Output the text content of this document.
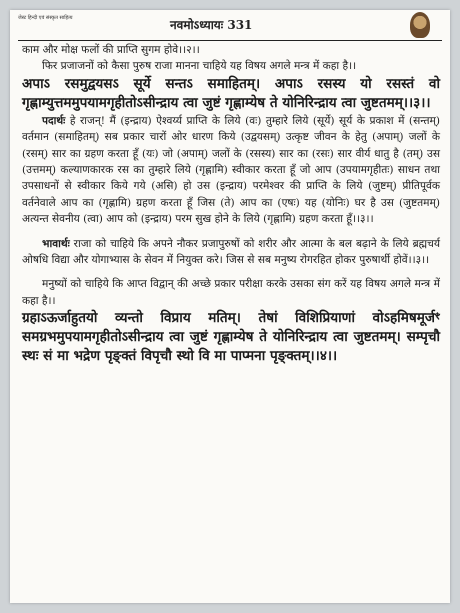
जेस्ट हिन्दी एवं संस्कृत साहित्य	नवमोऽध्यायः 331

काम और मोक्ष फलों की प्राप्ति सुगम होवे।।२।।

फिर प्रजाजनों को कैसा पुरुष राजा मानना चाहिये यह विषय अगले मन्त्र में कहा है।।

अपाऽ रसमुद्वयसऽ सूर्ये सन्तऽ समाहितम्। अपाऽ रसस्य यो रसस्तं वो गृह्णाम्युत्तममुपयामगृहीतोऽसीन्द्राय त्वा जुष्टं गृह्णाम्येष ते योनिरिन्द्राय त्वा जुष्टतमम्।।३।।

पदार्थः हे राजन्! मैं (इन्द्राय) ऐश्वर्य्य प्राप्ति के लिये (वः) तुम्हारे लिये (सूर्ये) सूर्य के प्रकाश में (सन्तम्) वर्तमान (समाहितम्) सब प्रकार चारों ओर धारण किये (उद्वयसम्) उत्कृष्ट जीवन के हेतु (अपाम्) जलों के (रसम्) सार का ग्रहण करता हूँ (यः) जो (अपाम्) जलों के (रसस्य) सार का (रसः) सार वीर्य धातु है (तम्) उस (उत्तमम्) कल्याणकारक रस का तुम्हारे लिये (गृह्णामि) स्वीकार करता हूँ जो आप (उपयामगृहीतः) साधन तथा उपसाधनों से स्वीकार किये गये (असि) हो उस (इन्द्राय) परमेश्वर की प्राप्ति के लिये (जुष्टम्) प्रीतिपूर्वक वर्तनेवाले आप का (गृह्णामि) ग्रहण करता हूँ जिस (ते) आप का (एषः) यह (योनिः) घर है उस (जुष्टतमम्) अत्यन्त सेवनीय (त्वा) आप को (इन्द्राय) परम सुख होने के लिये (गृह्णामि) ग्रहण करता हूँ।।३।।

भावार्थः राजा को चाहिये कि अपने नौकर प्रजापुरुषों को शरीर और आत्मा के बल बढ़ाने के लिये ब्रह्मचर्य ओषधि विद्या और योगाभ्यास के सेवन में नियुक्त करे। जिस से सब मनुष्य रोगरहित होकर पुरुषार्थी होवें।।३।।

मनुष्यों को चाहिये कि आप्त विद्वान् की अच्छे प्रकार परीक्षा करके उसका संग करें यह विषय अगले मन्त्र में कहा है।।

ग्रहाऽऊर्जाहुतयो व्यन्तो विप्राय मतिम्। तेषां विशिप्रियाणां वोऽहमिषमूर्जꣳ समग्रभमुपयामगृहीतोऽसीन्द्राय त्वा जुष्टं गृह्णाम्येष ते योनिरिन्द्राय त्वा जुष्टतमम्। सम्पृचौ स्थः सं मा भद्रेण पृङ्क्तं विपृचौ स्थो वि मा पाप्मना पृङ्क्तम्।।४।।
